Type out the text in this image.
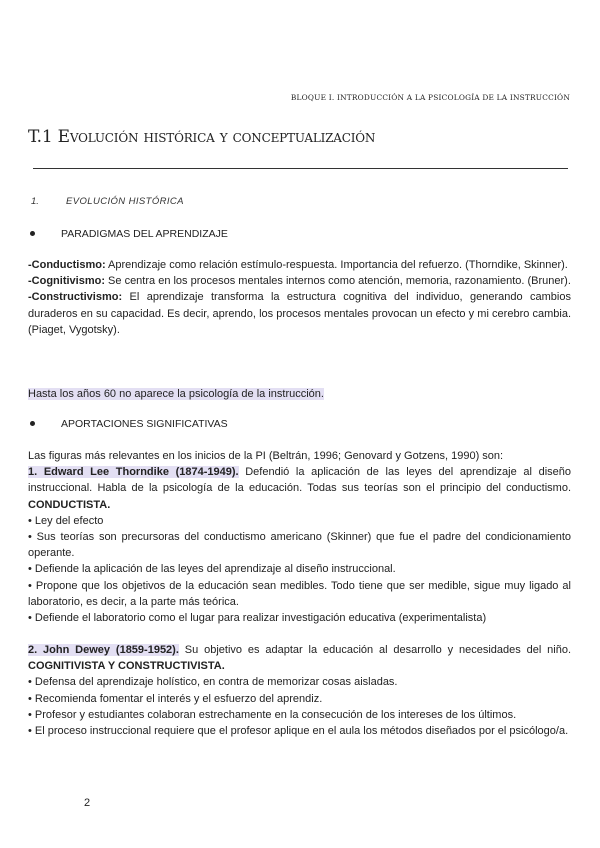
BLOQUE I. INTRODUCCIÓN A LA PSICOLOGÍA DE LA INSTRUCCIÓN
T.1 Evolución histórica y conceptualización
1.	EVOLUCIÓN HISTÓRICA
PARADIGMAS DEL APRENDIZAJE

-Conductismo: Aprendizaje como relación estímulo-respuesta. Importancia del refuerzo. (Thorndike, Skinner).

-Cognitivismo: Se centra en los procesos mentales internos como atención, memoria, razonamiento. (Bruner).

-Constructivismo: El aprendizaje transforma la estructura cognitiva del individuo, generando cambios duraderos en su capacidad. Es decir, aprendo, los procesos mentales provocan un efecto y mi cerebro cambia. (Piaget, Vygotsky).

Hasta los años 60 no aparece la psicología de la instrucción.
APORTACIONES SIGNIFICATIVAS

Las figuras más relevantes en los inicios de la PI (Beltrán, 1996; Genovard y Gotzens, 1990) son:

1. Edward Lee Thorndike (1874-1949). Defendió la aplicación de las leyes del aprendizaje al diseño instruccional. Habla de la psicología de la educación. Todas sus teorías son el principio del conductismo. CONDUCTISTA.

• Ley del efecto

• Sus teorías son precursoras del conductismo americano (Skinner) que fue el padre del condicionamiento operante.

• Defiende la aplicación de las leyes del aprendizaje al diseño instruccional.

• Propone que los objetivos de la educación sean medibles. Todo tiene que ser medible, sigue muy ligado al laboratorio, es decir, a la parte más teórica.

• Defiende el laboratorio como el lugar para realizar investigación educativa (experimentalista)

2. John Dewey (1859-1952). Su objetivo es adaptar la educación al desarrollo y necesidades del niño. COGNITIVISTA Y CONSTRUCTIVISTA.

• Defensa del aprendizaje holístico, en contra de memorizar cosas aisladas.

• Recomienda fomentar el interés y el esfuerzo del aprendiz.

• Profesor y estudiantes colaboran estrechamente en la consecución de los intereses de los últimos.

• El proceso instruccional requiere que el profesor aplique en el aula los métodos diseñados por el psicólogo/a.

2
